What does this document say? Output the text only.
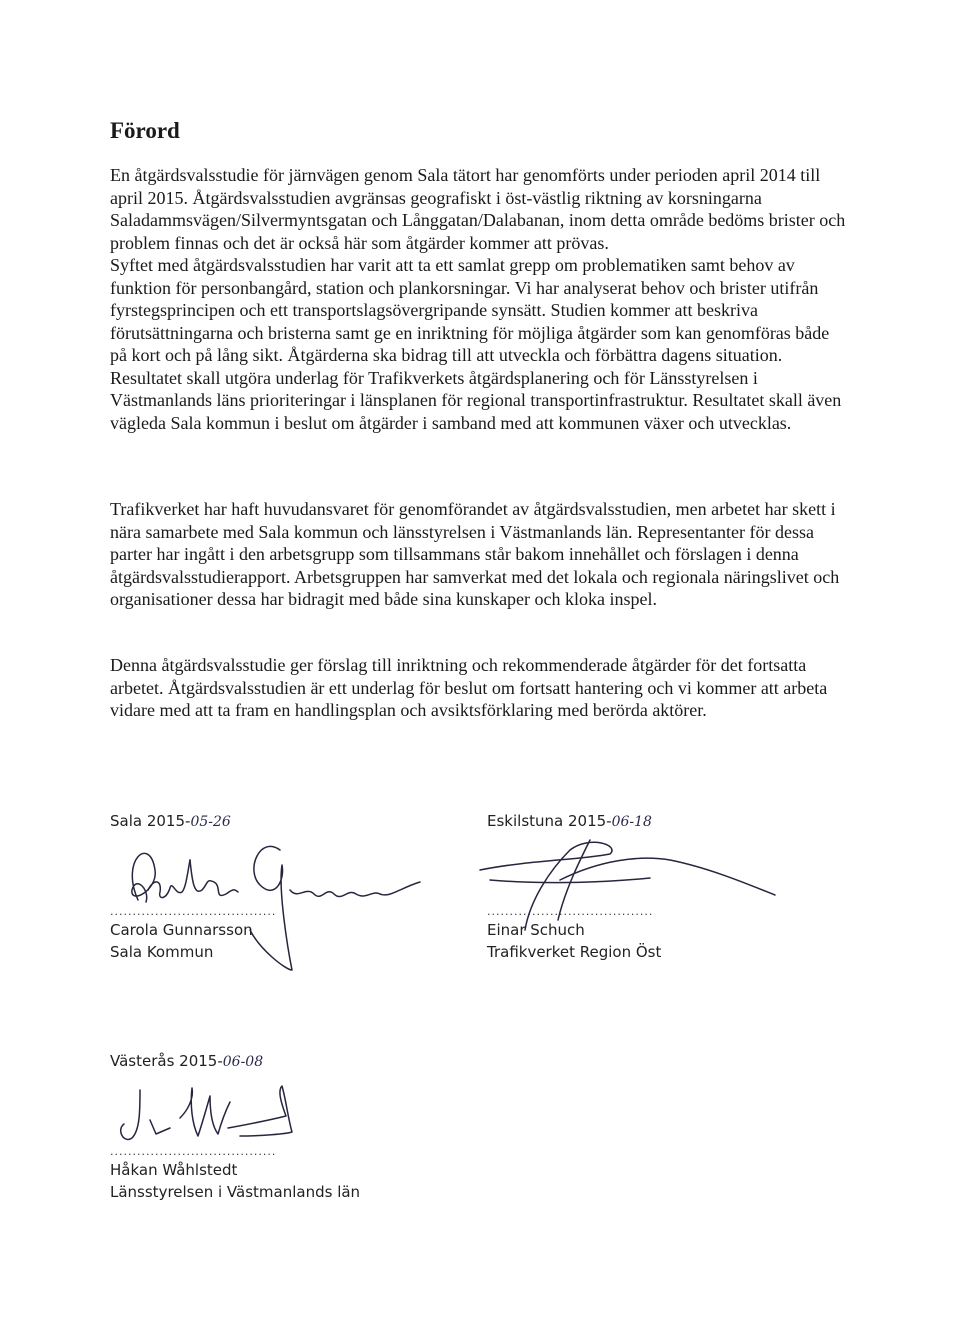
Förord

En åtgärdsvalsstudie för järnvägen genom Sala tätort har genomförts under perioden april 2014 till april 2015. Åtgärdsvalsstudien avgränsas geografiskt i öst-västlig riktning av korsningarna Saladammsvägen/Silvermyntsgatan och Långgatan/Dalabanan, inom detta område bedöms brister och problem finnas och det är också här som åtgärder kommer att prövas.

Syftet med åtgärdsvalsstudien har varit att ta ett samlat grepp om problematiken samt behov av funktion för personbangård, station och plankorsningar. Vi har analyserat behov och brister utifrån fyrstegsprincipen och ett transportslagsövergripande synsätt. Studien kommer att beskriva förutsättningarna och bristerna samt ge en inriktning för möjliga åtgärder som kan genomföras både på kort och på lång sikt. Åtgärderna ska bidrag till att utveckla och förbättra dagens situation. Resultatet skall utgöra underlag för Trafikverkets åtgärdsplanering och för Länsstyrelsen i Västmanlands läns prioriteringar i länsplanen för regional transportinfrastruktur. Resultatet skall även vägleda Sala kommun i beslut om åtgärder i samband med att kommunen växer och utvecklas.

Trafikverket har haft huvudansvaret för genomförandet av åtgärdsvalsstudien, men arbetet har skett i nära samarbete med Sala kommun och länsstyrelsen i Västmanlands län. Representanter för dessa parter har ingått i den arbetsgrupp som tillsammans står bakom innehållet och förslagen i denna åtgärdsvalsstudierapport. Arbetsgruppen har samverkat med det lokala och regionala näringslivet och organisationer dessa har bidragit med både sina kunskaper och kloka inspel.

Denna åtgärdsvalsstudie ger förslag till inriktning och rekommenderade åtgärder för det fortsatta arbetet. Åtgärdsvalsstudien är ett underlag för beslut om fortsatt hantering och vi kommer att arbeta vidare med att ta fram en handlingsplan och avsiktsförklaring med berörda aktörer.

Sala 2015-05-26
.....................................
Carola Gunnarsson
Sala Kommun
Eskilstuna 2015-06-18
.....................................
Einar Schuch
Trafikverket Region Öst
Västerås 2015-06-08
.....................................
Håkan Wåhlstedt
Länsstyrelsen i Västmanlands län
